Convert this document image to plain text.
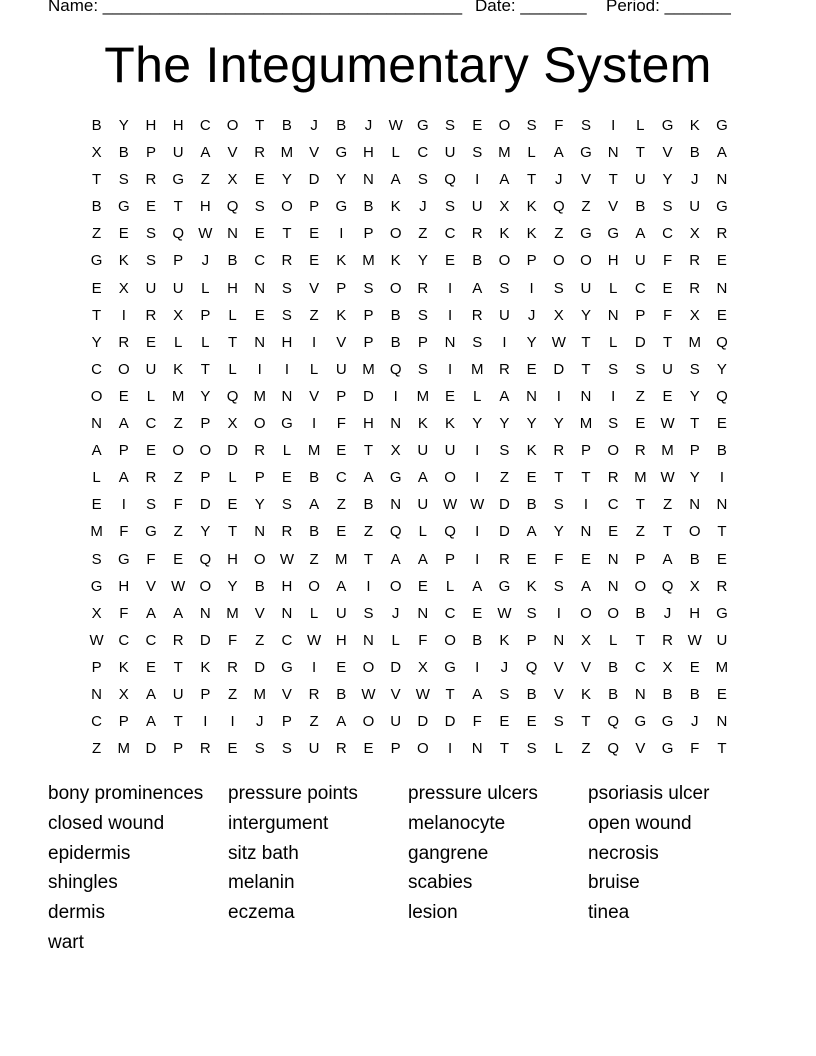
Name: ______________________________________ Date: _______ Period: _______
The Integumentary System
B	Y	H	H	C	O	T	B	J	B	J	W G	S	E	O	S	F	S	I	L	G	K	G
X	B	P	U	A	V	R	M	V	G	H	L	C	U	S	M	L	A	G	N	T	V	B	A
T	S	R	G	Z	X	E	Y	D	Y	N	A	S	Q	I	A	T	J	V	T	U	Y	J	N
B	G	E	T	H	Q	S	O	P	G	B	K	J	S	U	X	K	Q	Z	V	B	S	U	G
Z	E	S	Q W N	E	T	E	I	P	O	Z	C	R	K	K	Z	G	G	A	C	X	R
G	K	S	P	J	B	C	R	E	K	M	K	Y	E	B	O	P	O	O	H	U	F	R	E
E	X	U	U	L	H	N	S	V	P	S	O	R	I	A	S	I	S	U	L	C	E	R	N
T	I	R	X	P	L	E	S	Z	K	P	B	S	I	R	U	J	X	Y	N	P	F	X	E
Y	R	E	L	L	T	N	H	I	V	P	B	P	N	S	I	Y	W	T	L	D	T	M	Q
C	O	U	K	T	L	I	I	L	U	M	Q	S	I	M	R	E	D	T	S	S	U	S	Y
O	E	L	M	Y	Q	M	N	V	P	D	I	M	E	L	A	N	I	N	I	Z	E	Y	Q
N	A	C	Z	P	X	O	G	I	F	H	N	K	K	Y	Y	Y	Y	M	S	E	W	T	E
A	P	E	O	O	D	R	L	M	E	T	X	U	U	I	S	K	R	P	O	R	M	P	B
L	A	R	Z	P	L	P	E	B	C	A	G	A	O	I	Z	E	T	T	R	M W	Y	I
E	I	S	F	D	E	Y	S	A	Z	B	N	U W W D	B	S	I	C	T	Z	N	N
M	F	G	Z	Y	T	N	R	B	E	Z	Q	L	Q	I	D	A	Y	N	E	Z	T	O	T
S	G	F	E	Q	H	O W	Z	M	T	A	A	P	I	R	E	F	E	N	P	A	B	E
G	H	V	W O	Y	B	H	O	A	I	O	E	L	A	G	K	S	A	N	O	Q	X	R
X	F	A	A	N	M	V	N	L	U	S	J	N	C	E	W	S	I	O	O	B	J	H	G
W C	C	R	D	F	Z	C W H	N	L	F	O	B	K	P	N	X	L	T	R W U
P	K	E	T	K	R	D	G	I	E	O	D	X	G	I	J	Q	V	V	B	C	X	E	M
N	X	A	U	P	Z	M	V	R	B	W	V	W	T	A	S	B	V	K	B	N	B	B	E
C	P	A	T	I	I	J	P	Z	A	O	U	D	D	F	E	E	S	T	Q	G	G	J	N
Z	M	D	P	R	E	S	S	U	R	E	P	O	I	N	T	S	L	Z	Q	V	G	F	T
bony prominences	pressure points	pressure ulcers	psoriasis ulcer
closed wound	intergument	melanocyte	open wound
epidermis	sitz bath	gangrene	necrosis
shingles	melanin	scabies	bruise
dermis	eczema	lesion	tinea
wart
